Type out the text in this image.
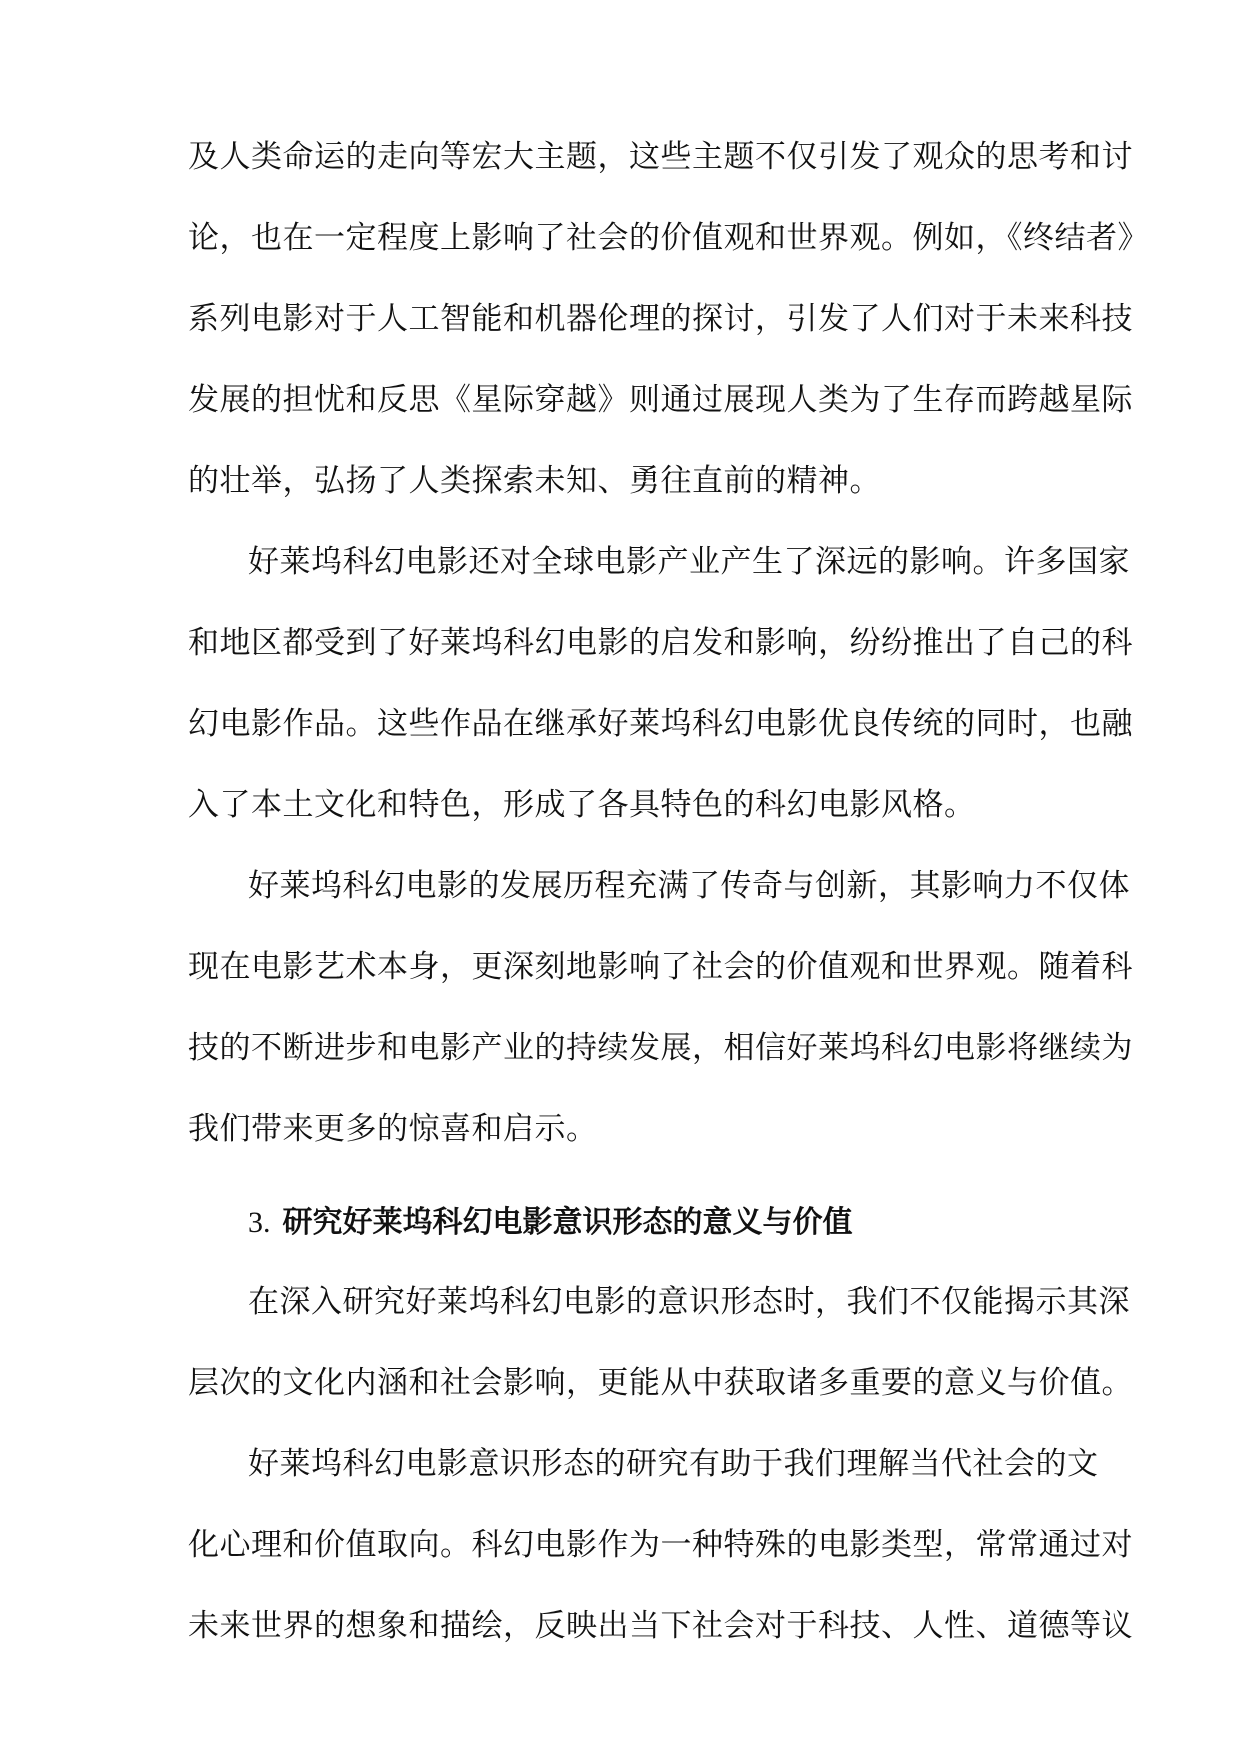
及人类命运的走向等宏大主题，这些主题不仅引发了观众的思考和讨
论，也在一定程度上影响了社会的价值观和世界观。例如，《终结者》
系列电影对于人工智能和机器伦理的探讨，引发了人们对于未来科技
发展的担忧和反思《星际穿越》则通过展现人类为了生存而跨越星际
的壮举，弘扬了人类探索未知、勇往直前的精神。
好莱坞科幻电影还对全球电影产业产生了深远的影响。许多国家
和地区都受到了好莱坞科幻电影的启发和影响，纷纷推出了自己的科
幻电影作品。这些作品在继承好莱坞科幻电影优良传统的同时，也融
入了本土文化和特色，形成了各具特色的科幻电影风格。
好莱坞科幻电影的发展历程充满了传奇与创新，其影响力不仅体
现在电影艺术本身，更深刻地影响了社会的价值观和世界观。随着科
技的不断进步和电影产业的持续发展，相信好莱坞科幻电影将继续为
我们带来更多的惊喜和启示。
3. 研究好莱坞科幻电影意识形态的意义与价值
在深入研究好莱坞科幻电影的意识形态时，我们不仅能揭示其深
层次的文化内涵和社会影响，更能从中获取诸多重要的意义与价值。
好莱坞科幻电影意识形态的研究有助于我们理解当代社会的文
化心理和价值取向。科幻电影作为一种特殊的电影类型，常常通过对
未来世界的想象和描绘，反映出当下社会对于科技、人性、道德等议
